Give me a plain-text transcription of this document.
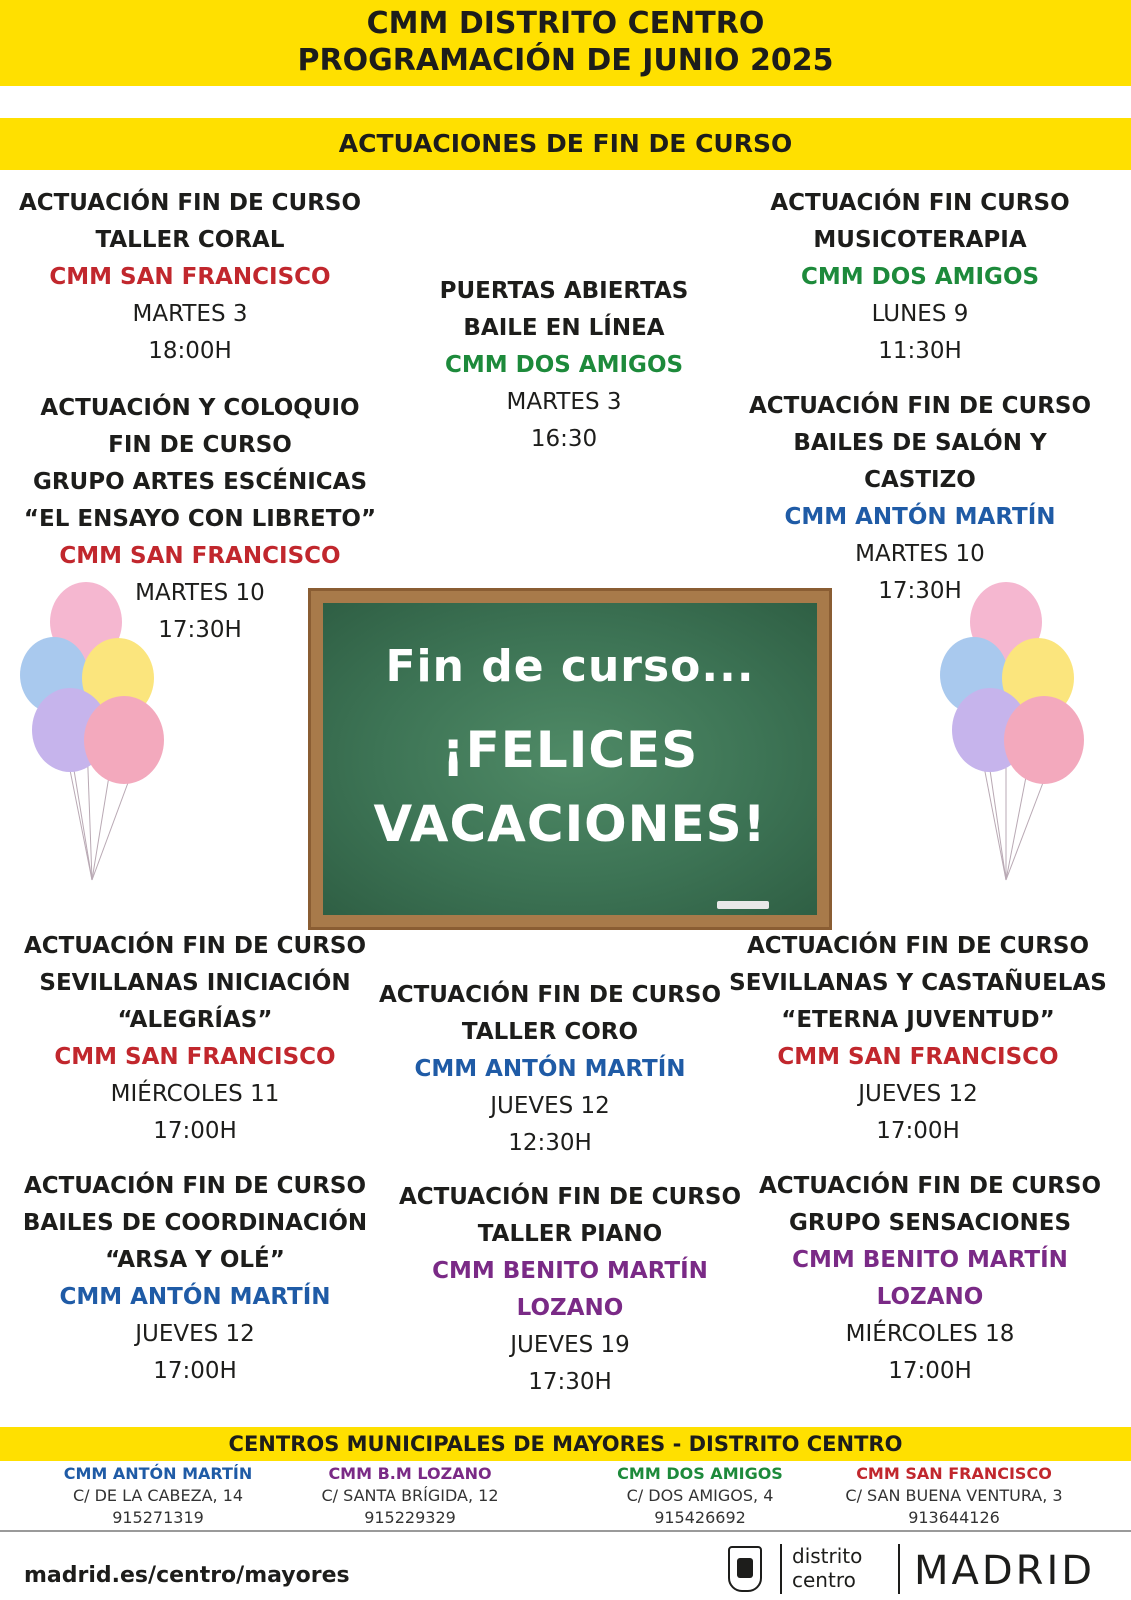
CMM DISTRITO CENTRO
PROGRAMACIÓN DE JUNIO 2025
ACTUACIONES DE FIN DE CURSO
ACTUACIÓN FIN DE CURSO
TALLER CORAL
CMM SAN FRANCISCO
MARTES 3
18:00H
PUERTAS ABIERTAS
BAILE EN LÍNEA
CMM DOS AMIGOS
MARTES 3
16:30
ACTUACIÓN FIN CURSO
MUSICOTERAPIA
CMM DOS AMIGOS
LUNES 9
11:30H
ACTUACIÓN Y COLOQUIO
FIN DE CURSO
GRUPO ARTES ESCÉNICAS
“EL ENSAYO CON LIBRETO”
CMM SAN FRANCISCO
MARTES 10
17:30H
ACTUACIÓN FIN DE CURSO
BAILES DE SALÓN Y
CASTIZO
CMM ANTÓN MARTÍN
MARTES 10
17:30H
Fin de curso...
¡FELICES
VACACIONES!
ACTUACIÓN FIN DE CURSO
SEVILLANAS INICIACIÓN
“ALEGRÍAS”
CMM SAN FRANCISCO
MIÉRCOLES 11
17:00H
ACTUACIÓN FIN DE CURSO
TALLER CORO
CMM ANTÓN MARTÍN
JUEVES 12
12:30H
ACTUACIÓN FIN DE CURSO
SEVILLANAS Y CASTAÑUELAS
“ETERNA JUVENTUD”
CMM SAN FRANCISCO
JUEVES 12
17:00H
ACTUACIÓN FIN DE CURSO
BAILES DE COORDINACIÓN
“ARSA Y OLÉ”
CMM ANTÓN MARTÍN
JUEVES 12
17:00H
ACTUACIÓN FIN DE CURSO
TALLER PIANO
CMM BENITO MARTÍN
LOZANO
JUEVES 19
17:30H
ACTUACIÓN FIN DE CURSO
GRUPO SENSACIONES
CMM BENITO MARTÍN
LOZANO
MIÉRCOLES 18
17:00H
CENTROS MUNICIPALES DE MAYORES - DISTRITO CENTRO
CMM ANTÓN MARTÍN
C/ DE LA CABEZA, 14
915271319
CMM B.M LOZANO
C/ SANTA BRÍGIDA, 12
915229329
CMM DOS AMIGOS
C/ DOS AMIGOS, 4
915426692
CMM SAN FRANCISCO
C/ SAN BUENA VENTURA, 3
913644126
madrid.es/centro/mayores
distrito
centro MADRID
